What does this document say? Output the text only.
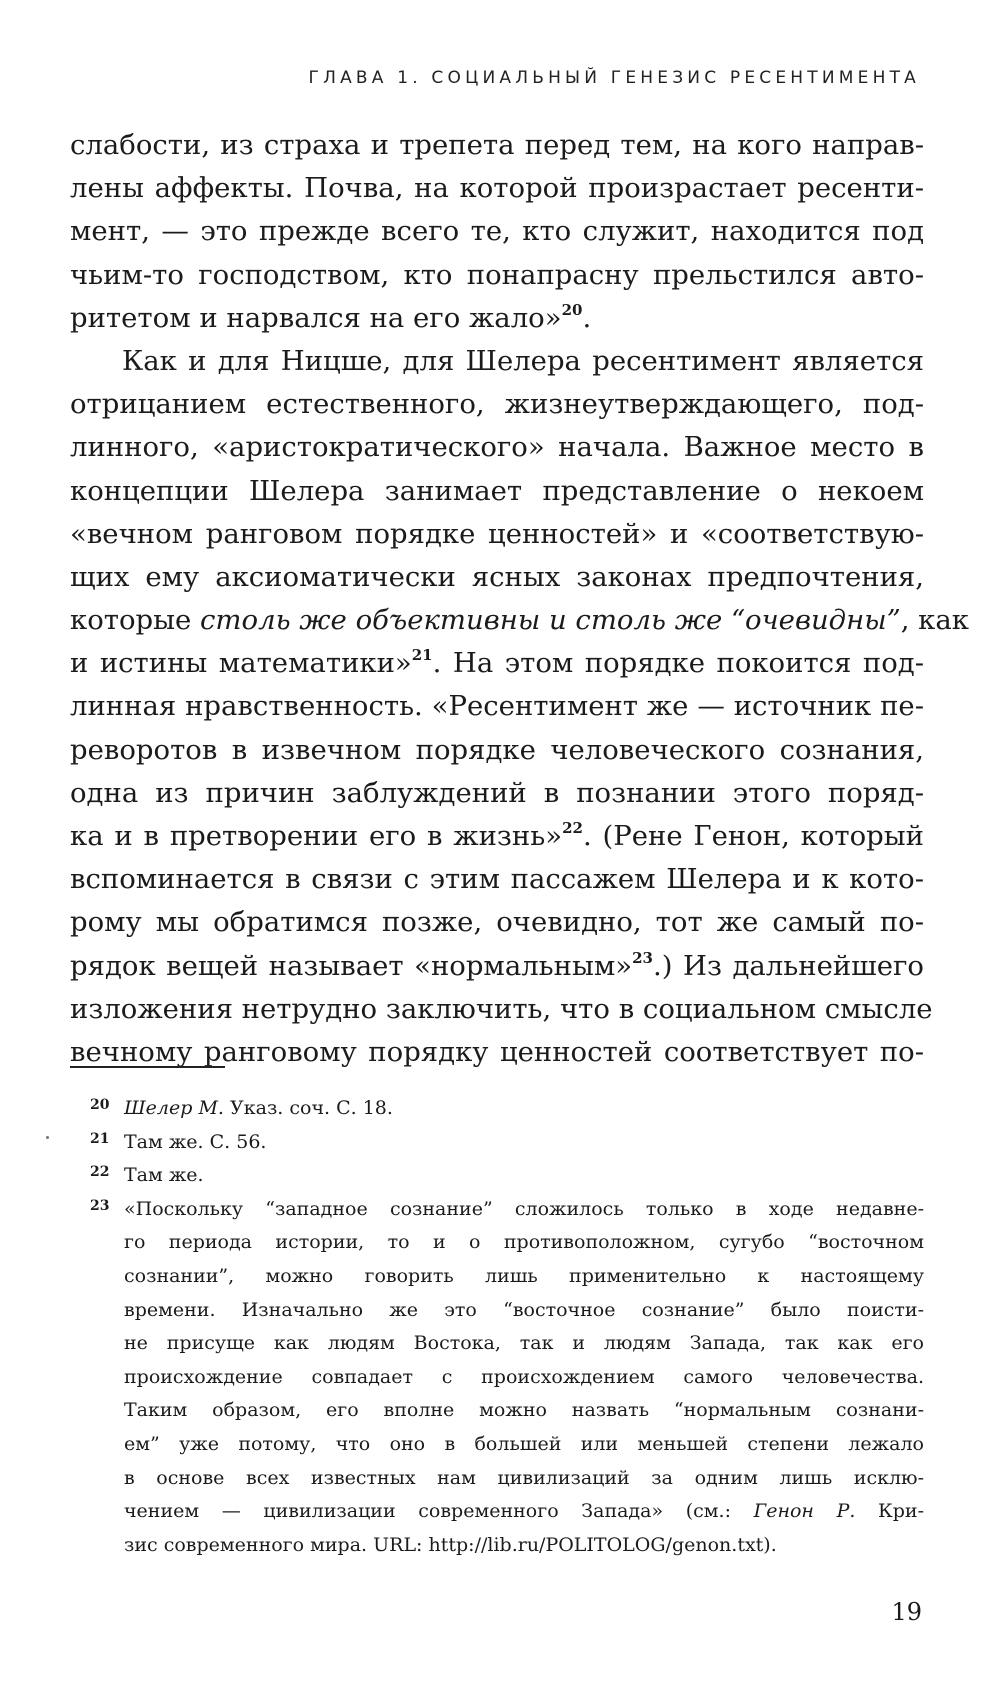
ГЛАВА 1. СОЦИАЛЬНЫЙ ГЕНЕЗИС РЕСЕНТИМЕНТА
слабости, из страха и трепета перед тем, на кого направ-
лены аффекты. Почва, на которой произрастает ресенти-
мент, — это прежде всего те, кто служит, находится под
чьим-то господством, кто понапрасну прельстился авто-
ритетом и нарвался на его жало»$^{20}$.
Как и для Ницше, для Шелера ресентимент является
отрицанием естественного, жизнеутверждающего, под-
линного, «аристократического» начала. Важное место в
концепции Шелера занимает представление о некоем
«вечном ранговом порядке ценностей» и «соответствую-
щих ему аксиоматически ясных законах предпочтения,
которые столь же объективны и столь же “очевидны”, как
и истины математики»$^{21}$. На этом порядке покоится под-
линная нравственность. «Ресентимент же — источник пе-
реворотов в извечном порядке человеческого сознания,
одна из причин заблуждений в познании этого поряд-
ка и в претворении его в жизнь»$^{22}$. (Рене Генон, который
вспоминается в связи с этим пассажем Шелера и к кото-
рому мы обратимся позже, очевидно, тот же самый по-
рядок вещей называет «нормальным»$^{23}$.) Из дальнейшего
изложения нетрудно заключить, что в социальном смысле
вечному ранговому порядку ценностей соответствует по-
20 Шелер М. Указ. соч. С. 18.
21 Там же. С. 56.
22 Там же.
23 «Поскольку “западное сознание” сложилось только в ходе недавне-
го периода истории, то и о противоположном, сугубо “восточном
сознании”, можно говорить лишь применительно к настоящему
времени. Изначально же это “восточное сознание” было поисти-
не присуще как людям Востока, так и людям Запада, так как его
происхождение совпадает с происхождением самого человечества.
Таким образом, его вполне можно назвать “нормальным сознани-
ем” уже потому, что оно в большей или меньшей степени лежало
в основе всех известных нам цивилизаций за одним лишь исклю-
чением — цивилизации современного Запада» (см.: Генон Р. Кри-
зис современного мира. URL: http://lib.ru/POLITOLOG/genon.txt).
19
